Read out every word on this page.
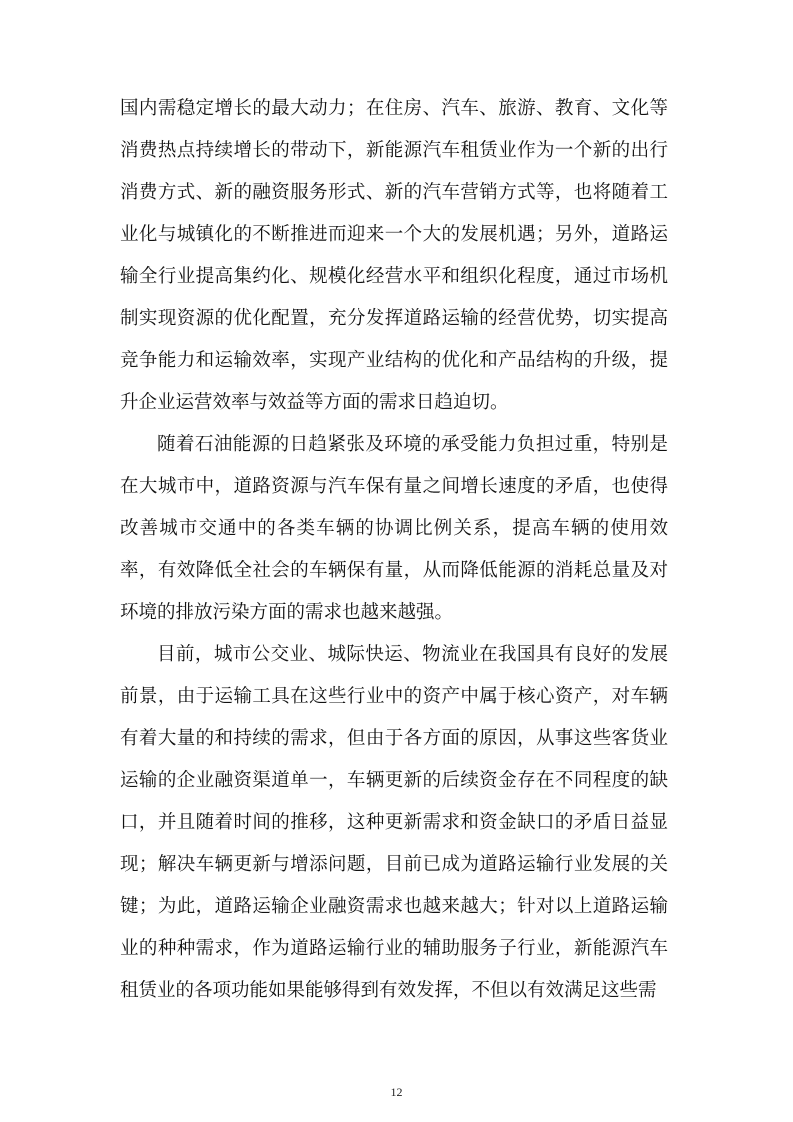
国内需稳定增长的最大动力；在住房、汽车、旅游、教育、文化等消费热点持续增长的带动下，新能源汽车租赁业作为一个新的出行消费方式、新的融资服务形式、新的汽车营销方式等，也将随着工业化与城镇化的不断推进而迎来一个大的发展机遇；另外，道路运输全行业提高集约化、规模化经营水平和组织化程度，通过市场机制实现资源的优化配置，充分发挥道路运输的经营优势，切实提高竞争能力和运输效率，实现产业结构的优化和产品结构的升级，提升企业运营效率与效益等方面的需求日趋迫切。

随着石油能源的日趋紧张及环境的承受能力负担过重，特别是在大城市中，道路资源与汽车保有量之间增长速度的矛盾，也使得改善城市交通中的各类车辆的协调比例关系，提高车辆的使用效率，有效降低全社会的车辆保有量，从而降低能源的消耗总量及对环境的排放污染方面的需求也越来越强。

目前，城市公交业、城际快运、物流业在我国具有良好的发展前景，由于运输工具在这些行业中的资产中属于核心资产，对车辆有着大量的和持续的需求，但由于各方面的原因，从事这些客货业运输的企业融资渠道单一，车辆更新的后续资金存在不同程度的缺口，并且随着时间的推移，这种更新需求和资金缺口的矛盾日益显现；解决车辆更新与增添问题，目前已成为道路运输行业发展的关键；为此，道路运输企业融资需求也越来越大；针对以上道路运输业的种种需求，作为道路运输行业的辅助服务子行业，新能源汽车租赁业的各项功能如果能够得到有效发挥，不但以有效满足这些需

12
